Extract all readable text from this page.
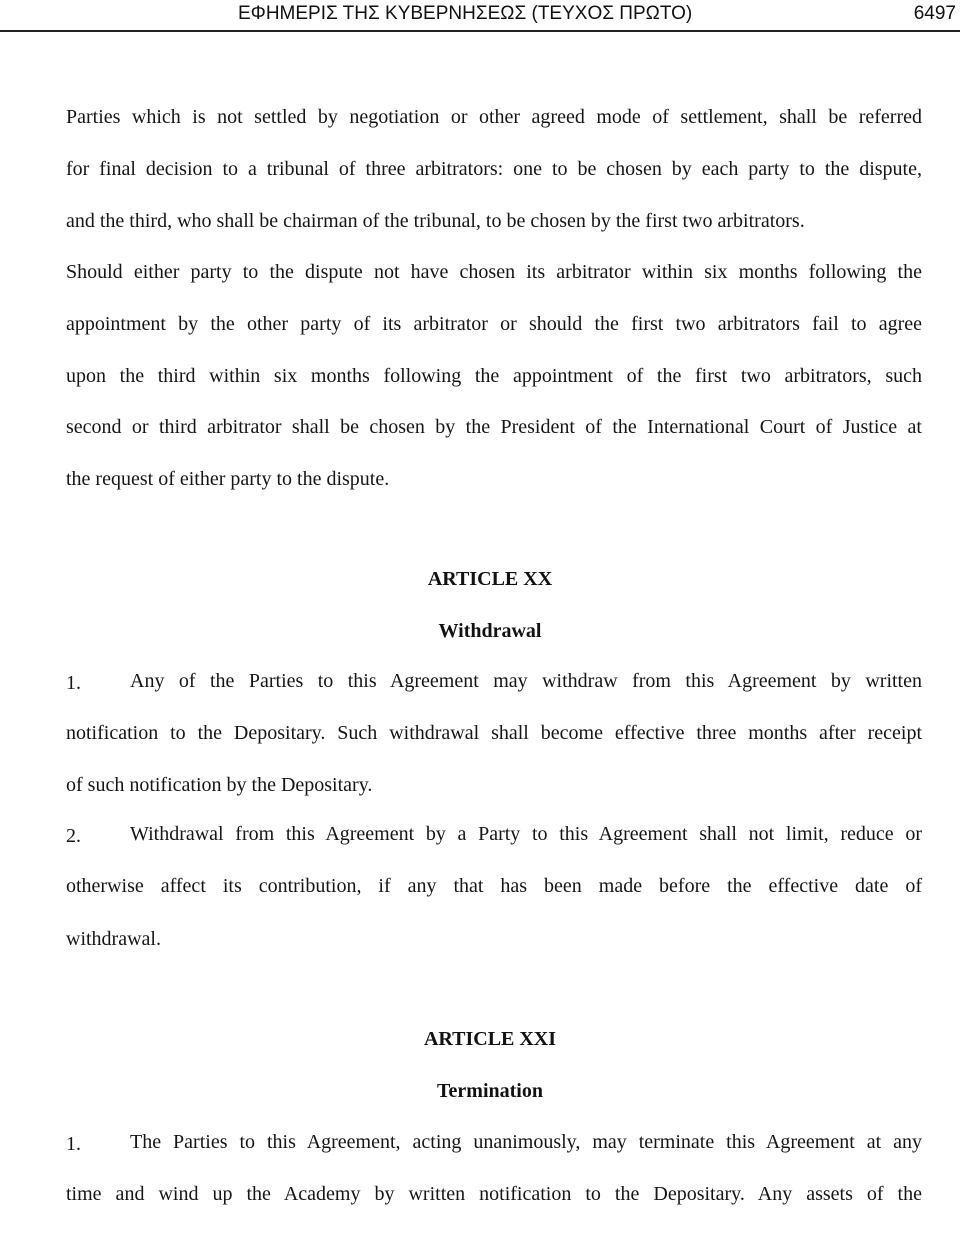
ΕΦΗΜΕΡΙΣ ΤΗΣ ΚΥΒΕΡΝΗΣΕΩΣ (ΤΕΥΧΟΣ ΠΡΩΤΟ)	6497
Parties which is not settled by negotiation or other agreed mode of settlement, shall be referred
for final decision to a tribunal of three arbitrators: one to be chosen by each party to the dispute,
and the third, who shall be chairman of the tribunal, to be chosen by the first two arbitrators.
Should either party to the dispute not have chosen its arbitrator within six months following the
appointment by the other party of its arbitrator or should the first two arbitrators fail to agree
upon the third within six months following the appointment of the first two arbitrators, such
second or third arbitrator shall be chosen by the President of the International Court of Justice at
the request of either party to the dispute.
ARTICLE XX
Withdrawal
1. Any of the Parties to this Agreement may withdraw from this Agreement by written
notification to the Depositary. Such withdrawal shall become effective three months after receipt
of such notification by the Depositary.
2. Withdrawal from this Agreement by a Party to this Agreement shall not limit, reduce or
otherwise affect its contribution, if any that has been made before the effective date of
withdrawal.
ARTICLE XXI
Termination
1. The Parties to this Agreement, acting unanimously, may terminate this Agreement at any
time and wind up the Academy by written notification to the Depositary. Any assets of the
